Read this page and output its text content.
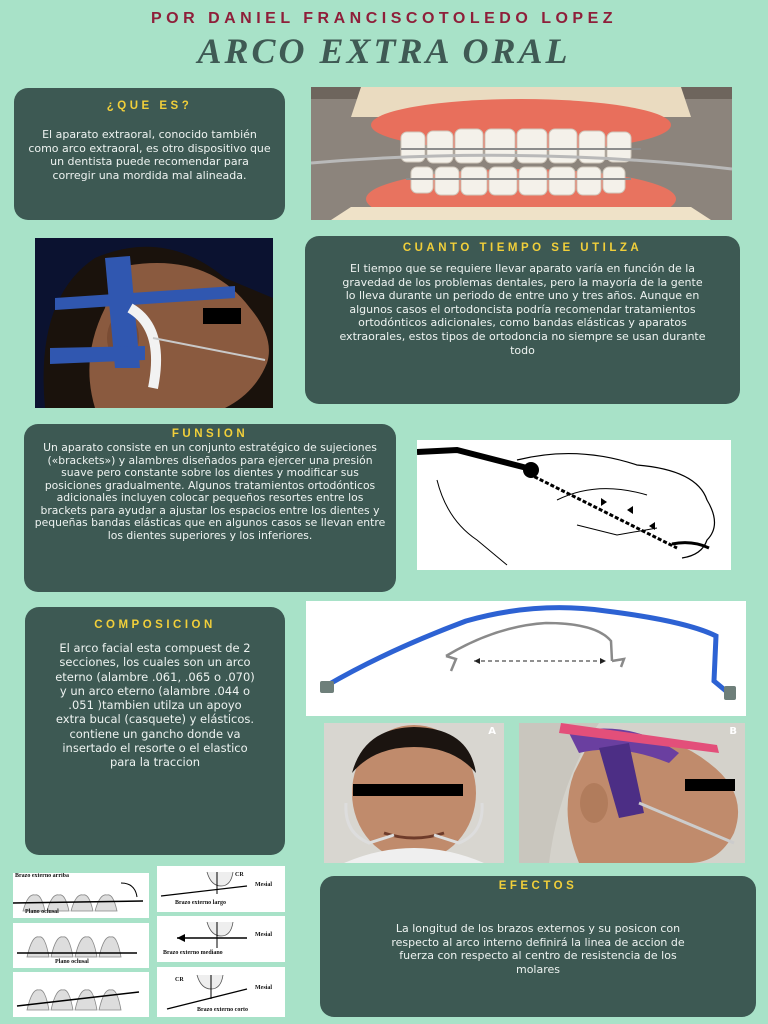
POR DANIEL FRANCISCOTOLEDO LOPEZ
ARCO EXTRA ORAL
¿QUE ES?

El aparato extraoral, conocido también como arco extraoral, es otro dispositivo que un dentista puede recomendar para corregir una mordida mal alineada.

CUANTO TIEMPO SE UTILZA

El tiempo que se requiere llevar aparato varía en función de la gravedad de los problemas dentales, pero la mayoría de la gente lo lleva durante un periodo de entre uno y tres años. Aunque en algunos casos el ortodoncista podría recomendar tratamientos ortodónticos adicionales, como bandas elásticas y aparatos extraorales, estos tipos de ortodoncia no siempre se usan durante todo

FUNSION

Un aparato consiste en un conjunto estratégico de sujeciones («brackets») y alambres diseñados para ejercer una presión suave pero constante sobre los dientes y modificar sus posiciones gradualmente. Algunos tratamientos ortodónticos adicionales incluyen colocar pequeños resortes entre los brackets para ayudar a ajustar los espacios entre los dientes y pequeñas bandas elásticas que en algunos casos se llevan entre los dientes superiores y los inferiores.

COMPOSICION

El arco facial esta compuest de 2 secciones, los cuales son un arco eterno (alambre .061, .065 o .070) y un arco eterno (alambre .044 o .051 )tambien utilza un apoyo extra bucal (casquete) y elásticos. contiene un gancho donde va insertado el resorte o el elastico para la traccion

A	B
Brazo externo arriba
Plano oclusal
Plano oclusal
CR
Mesial
Brazo externo largo
Mesial
Brazo externo mediano
CR
Mesial
Brazo externo corto
EFECTOS

La longitud de los brazos externos y su posicon con respecto al arco interno definirá la linea de accion de fuerza con respecto al centro de resistencia de los molares
